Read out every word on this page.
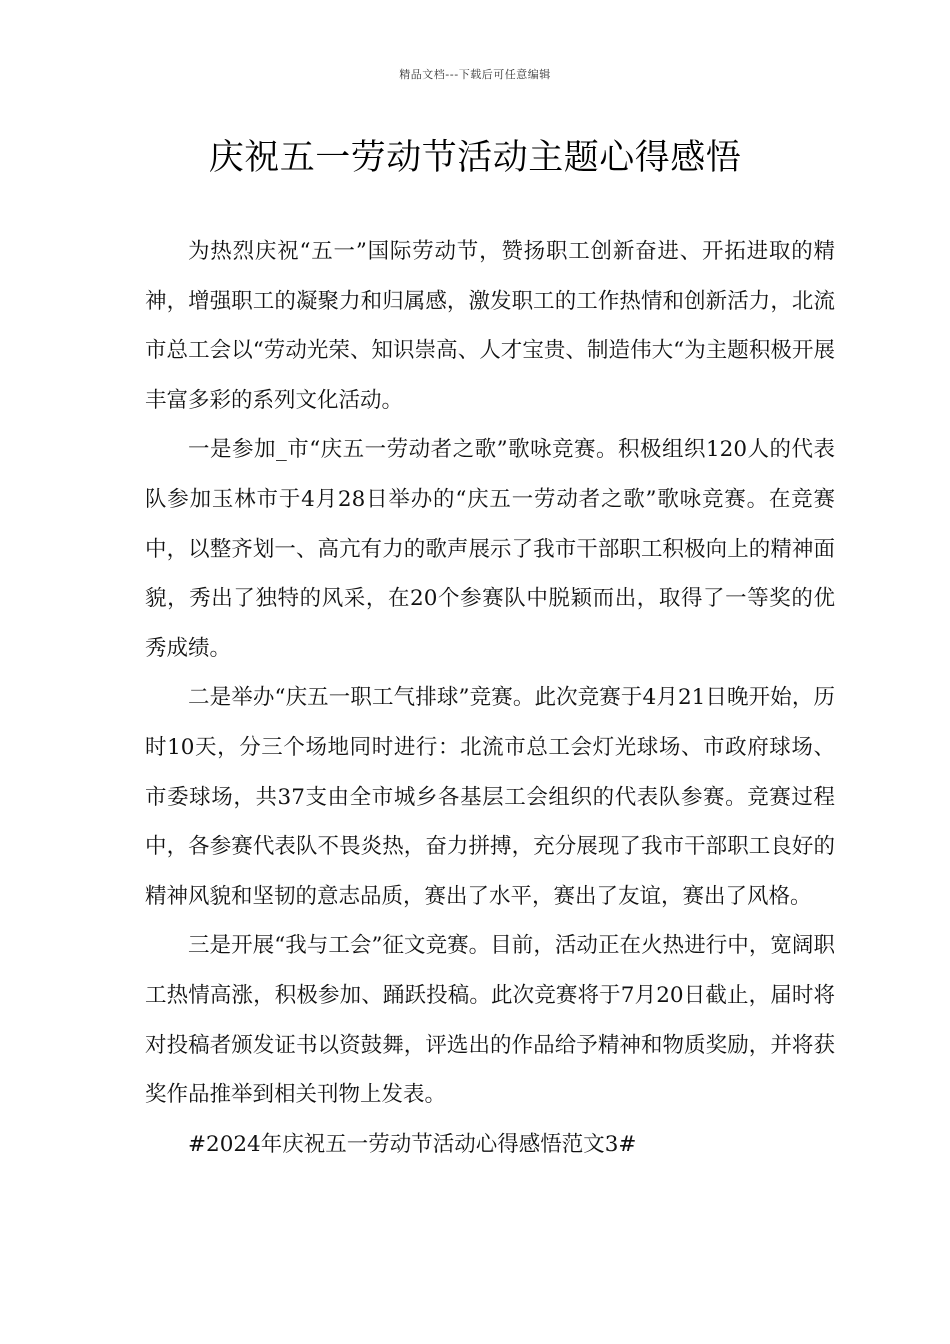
精品文档---下载后可任意编辑
庆祝五一劳动节活动主题心得感悟

为热烈庆祝“五一”国际劳动节，赞扬职工创新奋进、开拓进取的精神，增强职工的凝聚力和归属感，激发职工的工作热情和创新活力，北流市总工会以“劳动光荣、知识崇高、人才宝贵、制造伟大“为主题积极开展丰富多彩的系列文化活动。

一是参加_市“庆五一劳动者之歌”歌咏竞赛。积极组织120人的代表队参加玉林市于4月28日举办的“庆五一劳动者之歌”歌咏竞赛。在竞赛中，以整齐划一、高亢有力的歌声展示了我市干部职工积极向上的精神面貌，秀出了独特的风采，在20个参赛队中脱颖而出，取得了一等奖的优秀成绩。

二是举办“庆五一职工气排球”竞赛。此次竞赛于4月21日晚开始，历时10天，分三个场地同时进行：北流市总工会灯光球场、市政府球场、市委球场，共37支由全市城乡各基层工会组织的代表队参赛。竞赛过程中，各参赛代表队不畏炎热，奋力拼搏，充分展现了我市干部职工良好的精神风貌和坚韧的意志品质，赛出了水平，赛出了友谊，赛出了风格。

三是开展“我与工会”征文竞赛。目前，活动正在火热进行中，宽阔职工热情高涨，积极参加、踊跃投稿。此次竞赛将于7月20日截止，届时将对投稿者颁发证书以资鼓舞，评选出的作品给予精神和物质奖励，并将获奖作品推举到相关刊物上发表。

#2024年庆祝五一劳动节活动心得感悟范文3#
